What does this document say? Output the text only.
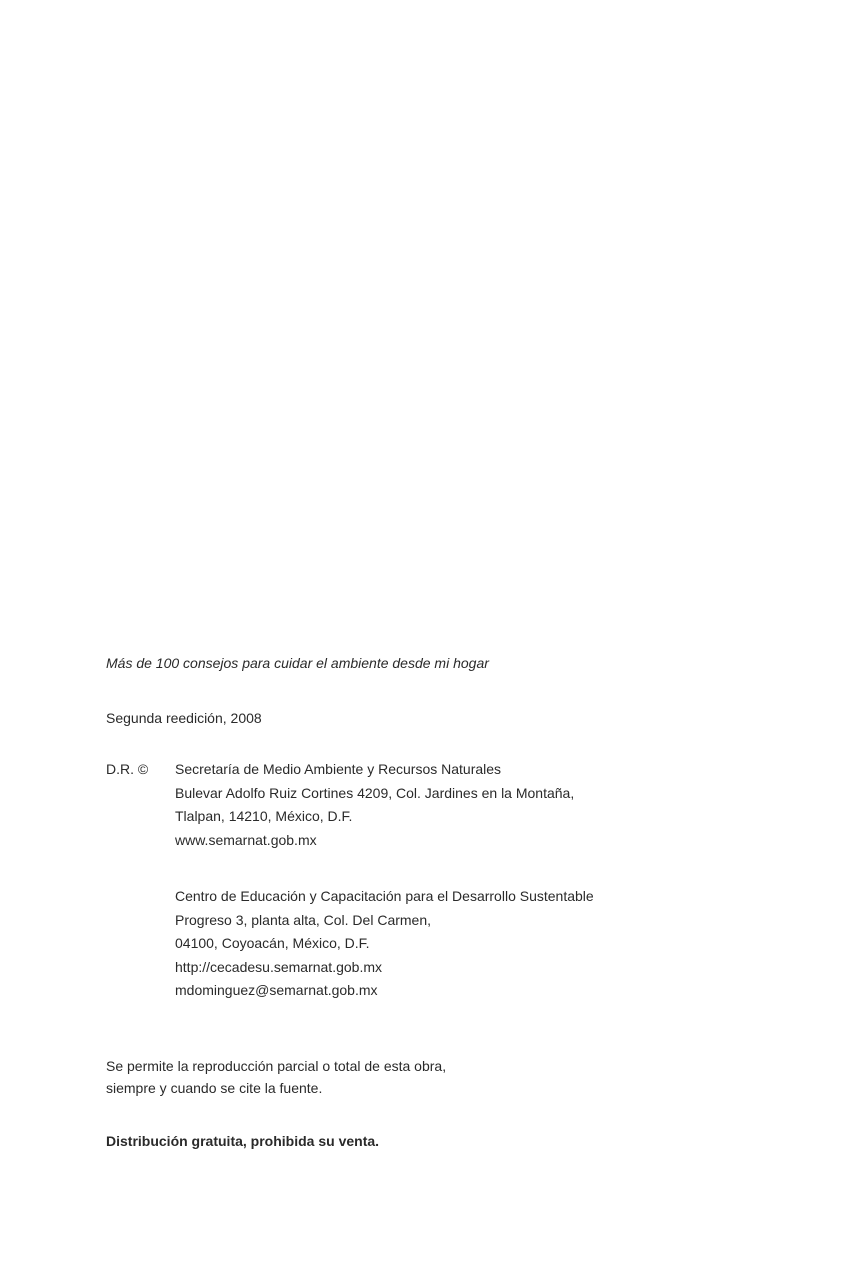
Más de 100 consejos para cuidar el ambiente desde mi hogar
Segunda reedición, 2008
D.R. © Secretaría de Medio Ambiente y Recursos Naturales
Bulevar Adolfo Ruiz Cortines 4209, Col. Jardines en la Montaña,
Tlalpan, 14210, México, D.F.
www.semarnat.gob.mx
Centro de Educación y Capacitación para el Desarrollo Sustentable
Progreso 3, planta alta, Col. Del Carmen,
04100, Coyoacán, México, D.F.
http://cecadesu.semarnat.gob.mx
mdominguez@semarnat.gob.mx
Se permite la reproducción parcial o total de esta obra,
siempre y cuando se cite la fuente.
Distribución gratuita, prohibida su venta.
